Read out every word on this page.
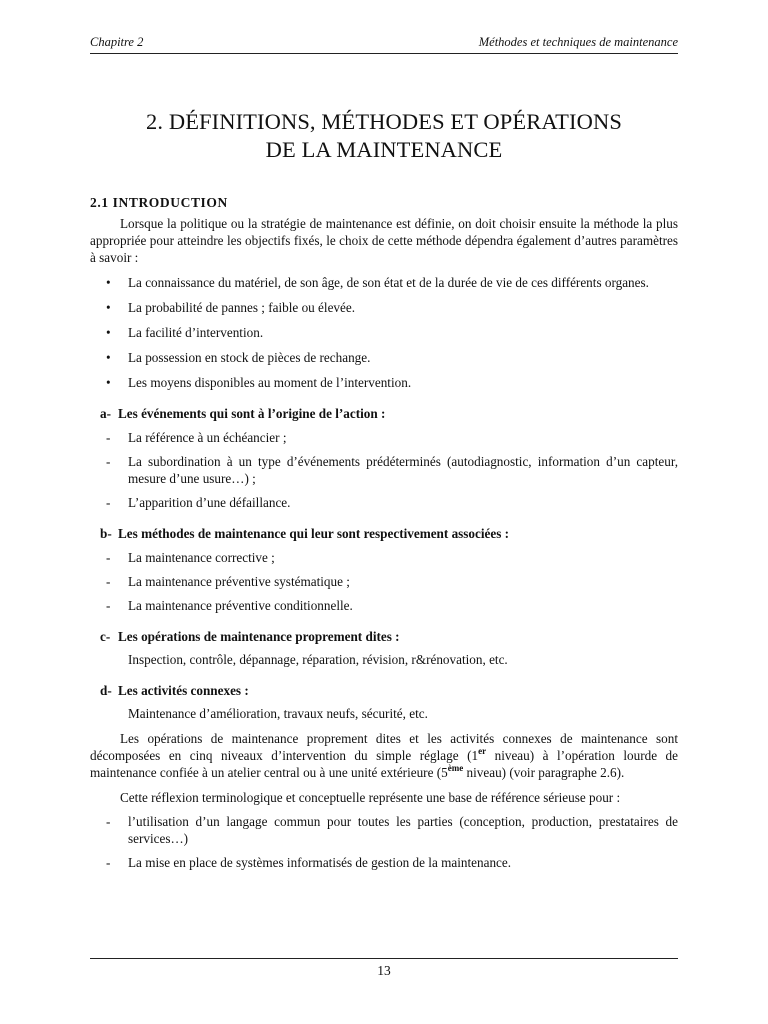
Chapitre 2	Méthodes et techniques de maintenance
2. DÉFINITIONS, MÉTHODES ET OPÉRATIONS
DE LA MAINTENANCE
2.1 INTRODUCTION

Lorsque la politique ou la stratégie de maintenance est définie, on doit choisir ensuite la méthode la plus appropriée pour atteindre les objectifs fixés, le choix de cette méthode dépendra également d’autres paramètres à savoir :

• La connaissance du matériel, de son âge, de son état et de la durée de vie de ces différents organes.
• La probabilité de pannes ; faible ou élevée.
• La facilité d’intervention.
• La possession en stock de pièces de rechange.
• Les moyens disponibles au moment de l’intervention.
a- Les événements qui sont à l’origine de l’action :
- La référence à un échéancier ;
- La subordination à un type d’événements prédéterminés (autodiagnostic, information d’un capteur, mesure d’une usure…) ;
- L’apparition d’une défaillance.
b- Les méthodes de maintenance qui leur sont respectivement associées :
- La maintenance corrective ;
- La maintenance préventive systématique ;
- La maintenance préventive conditionnelle.
c- Les opérations de maintenance proprement dites :
Inspection, contrôle, dépannage, réparation, révision, r&rénovation, etc.
d- Les activités connexes :
Maintenance d’amélioration, travaux neufs, sécurité, etc.

Les opérations de maintenance proprement dites et les activités connexes de maintenance sont décomposées en cinq niveaux d’intervention du simple réglage (1er niveau) à l’opération lourde de maintenance confiée à un atelier central ou à une unité extérieure (5ème niveau) (voir paragraphe 2.6).

Cette réflexion terminologique et conceptuelle représente une base de référence sérieuse pour :

- l’utilisation d’un langage commun pour toutes les parties (conception, production, prestataires de services…)
- La mise en place de systèmes informatisés de gestion de la maintenance.
13
